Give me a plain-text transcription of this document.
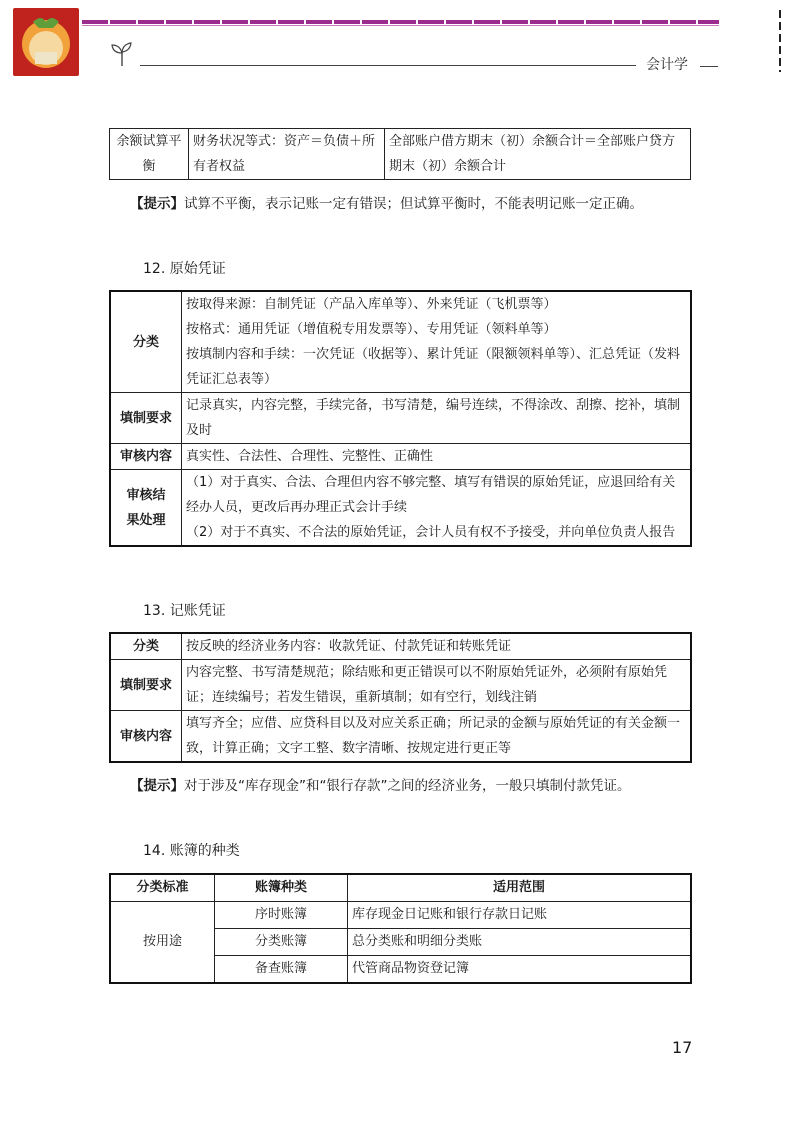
会计学
余额试算平衡	财务状况等式：资产＝负债＋所有者权益	全部账户借方期末（初）余额合计＝全部账户贷方期末（初）余额合计
【提示】试算不平衡，表示记账一定有错误；但试算平衡时，不能表明记账一定正确。
12. 原始凭证
分类	按取得来源：自制凭证（产品入库单等）、外来凭证（飞机票等）
按格式：通用凭证（增值税专用发票等）、专用凭证（领料单等）
按填制内容和手续：一次凭证（收据等）、累计凭证（限额领料单等）、汇总凭证（发料凭证汇总表等）

填制要求	记录真实，内容完整，手续完备，书写清楚，编号连续，不得涂改、刮擦、挖补，填制及时
审核内容	真实性、合法性、合理性、完整性、正确性
审核结果处理	（1）对于真实、合法、合理但内容不够完整、填写有错误的原始凭证，应退回给有关经办人员，更改后再办理正式会计手续
（2）对于不真实、不合法的原始凭证，会计人员有权不予接受，并向单位负责人报告
13. 记账凭证
分类	按反映的经济业务内容：收款凭证、付款凭证和转账凭证
填制要求	内容完整、书写清楚规范；除结账和更正错误可以不附原始凭证外，必须附有原始凭证；连续编号；若发生错误，重新填制；如有空行，划线注销
审核内容	填写齐全；应借、应贷科目以及对应关系正确；所记录的金额与原始凭证的有关金额一致，计算正确；文字工整、数字清晰、按规定进行更正等
【提示】对于涉及“库存现金”和“银行存款”之间的经济业务，一般只填制付款凭证。
14. 账簿的种类
分类标准	账簿种类	适用范围
按用途	序时账簿	库存现金日记账和银行存款日记账
	分类账簿	总分类账和明细分类账
	备查账簿	代管商品物资登记簿
17
